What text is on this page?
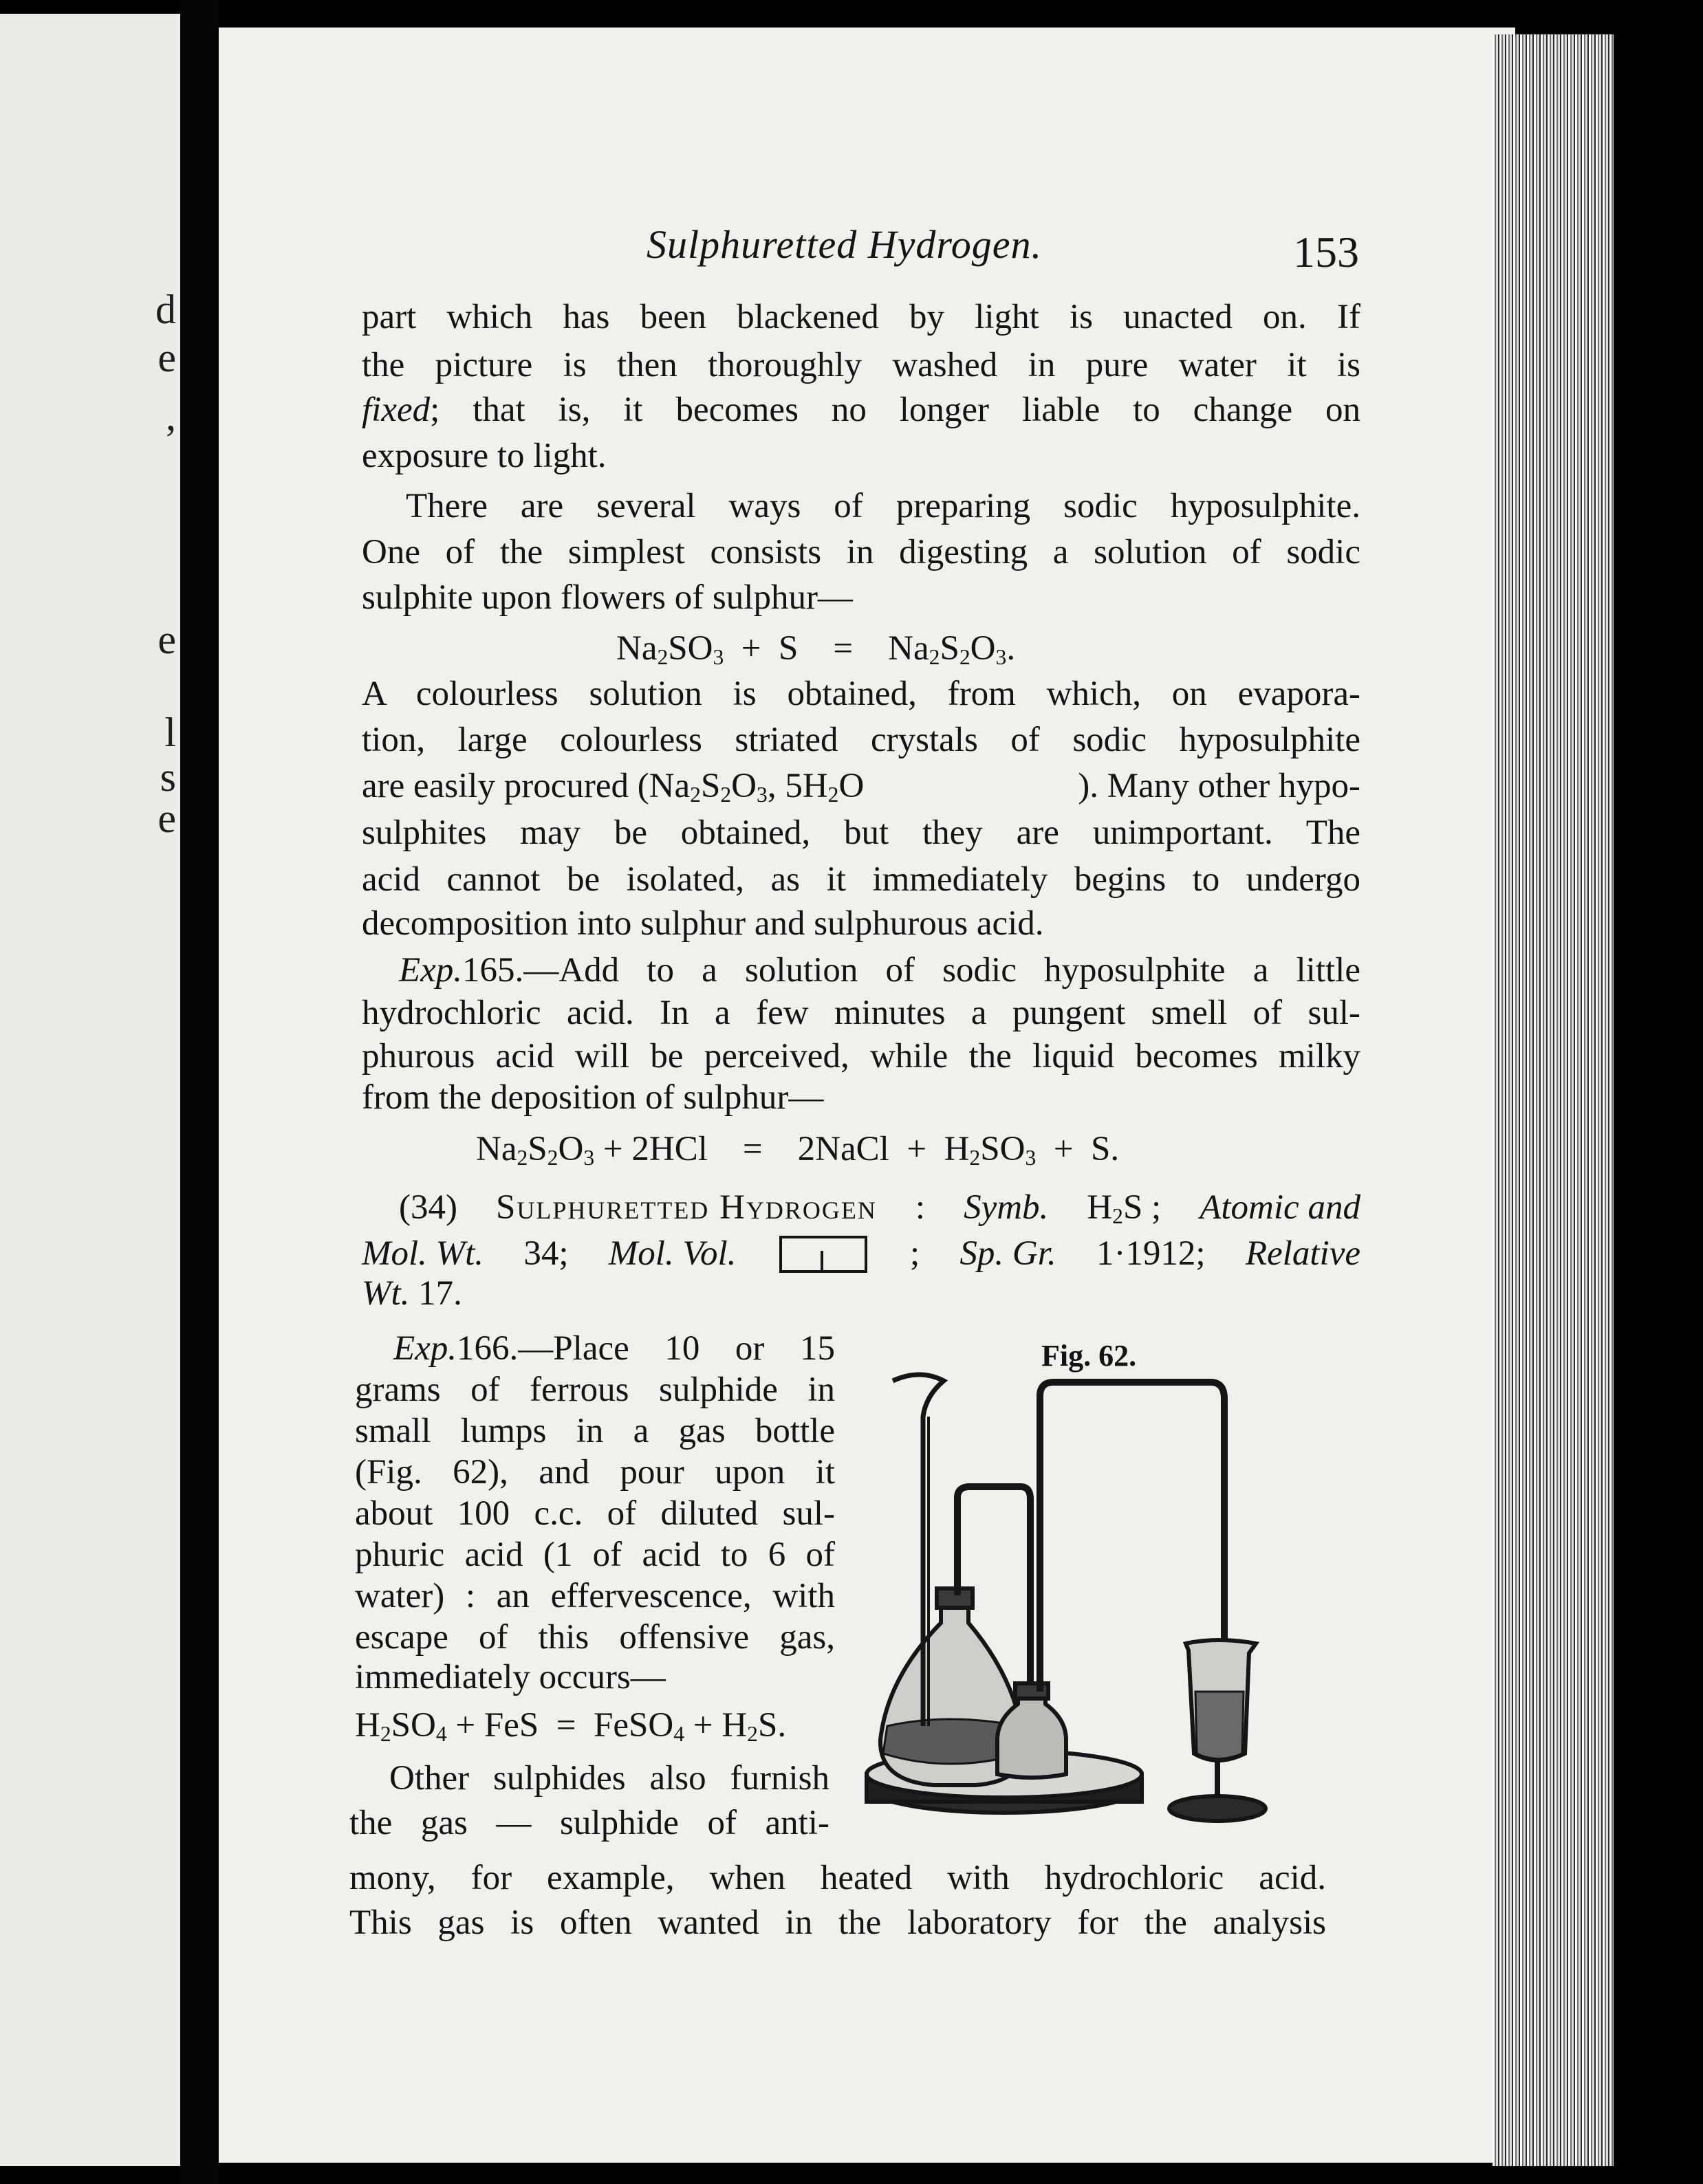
d
e
,
e
l
s
e
Sulphuretted Hydrogen.	153
part which has been blackened by light is unacted on. If
the picture is then thoroughly washed in pure water it is
fixed ; that is, it becomes no longer liable to change on
exposure to light.
There are several ways of preparing sodic hyposulphite.
One of the simplest consists in digesting a solution of sodic
sulphite upon flowers of sulphur—
$Na_2SO_3 + S$    =    $Na_2S_2O_3$.
A colourless solution is obtained, from which, on evapora-
tion, large colourless striated crystals of sodic hyposulphite
are easily procured (Na $_2S_2O_3$, $5H_2O$	). Many other hypo-
sulphites may be obtained, but they are unimportant. The
acid cannot be isolated, as it immediately begins to undergo
decomposition into sulphur and sulphurous acid.
Exp. 165.—Add to a solution of sodic hyposulphite a little
hydrochloric acid. In a few minutes a pungent smell of sul-
phurous acid will be perceived, while the liquid becomes milky
from the deposition of sulphur—
$Na_2S_2O_3 + 2HCl$    =    2NaCl  +  $H_2SO_3 + S$.
(34) Sulphuretted Hydrogen : Symb. $H_2S$ ; Atomic and
Mol. Wt. 34; Mol. Vol.	; Sp. Gr. 1·1912; Relative
Wt. 17.
Exp. 166.—Place 10 or 15
grams of ferrous sulphide in
small lumps in a gas bottle
(Fig. 62), and pour upon it
about 100 c.c. of diluted sul-
phuric acid (1 of acid to 6 of
water) : an effervescence, with
escape of this offensive gas,
immediately occurs—
$H_2SO_4$ + FeS  =  FeSO$_4$ + $H_2S$.
Other sulphides also furnish
the gas — sulphide of anti-
mony, for example, when heated with hydrochloric acid.
This gas is often wanted in the laboratory for the analysis
Fig. 62.
